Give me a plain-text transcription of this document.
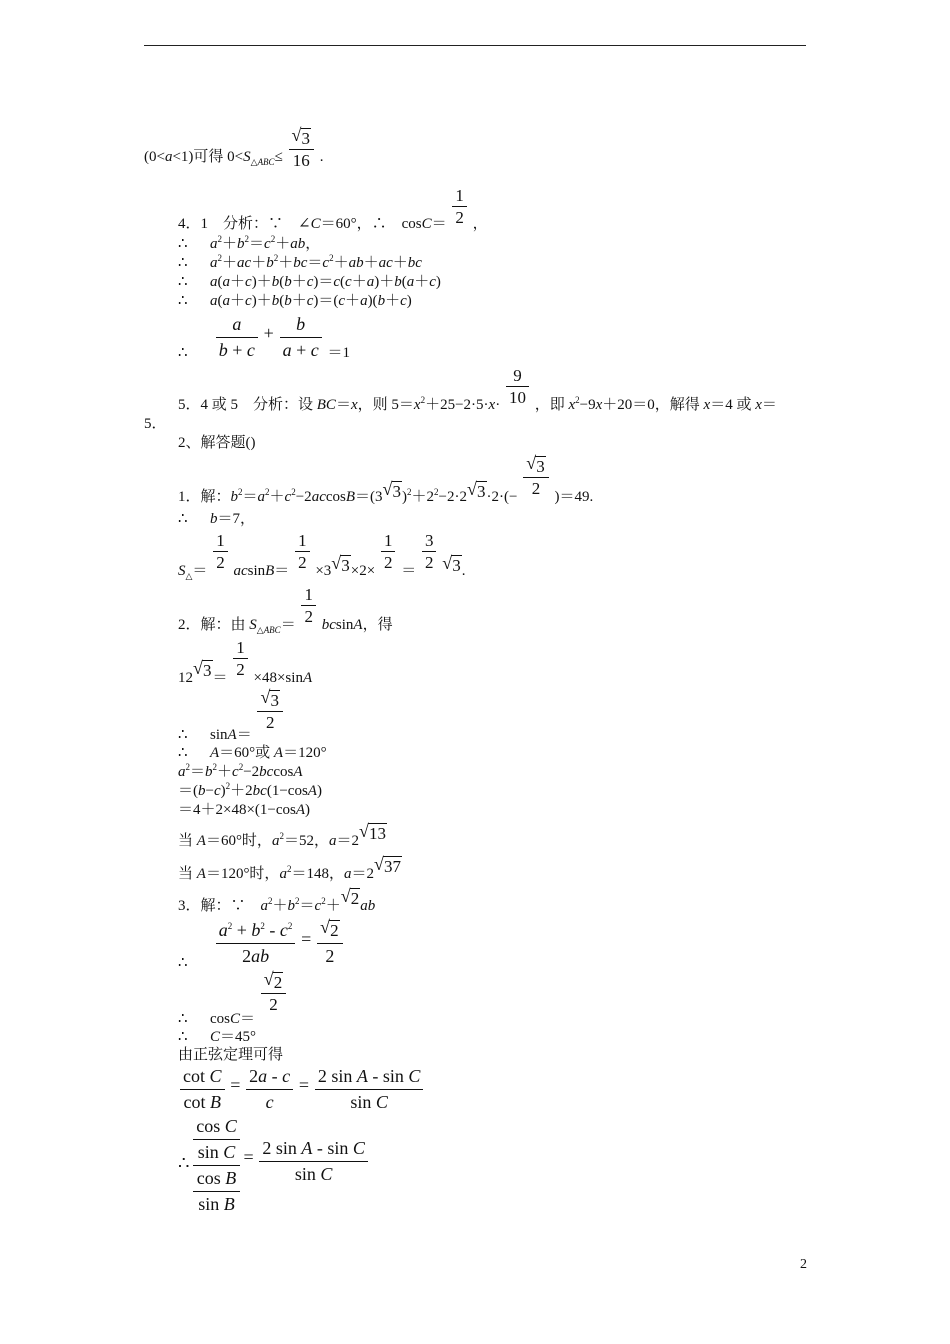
(0<a<1)可得 $0<S_{\triangle ABC}\le \frac{√ 3}{16}$ .
4．1　分析：∵　∠C＝60°，∴　$\cos C= \frac{1}{2}$ ，
∴ $a^2+b^2=c^2+ab$，
∴ $a^2+ac+b^2+bc=c^2+ab+ac+bc$
∴ a(a＋c)＋b(b＋c)＝c(c＋a)＋b(a＋c)
∴ a(a＋c)＋b(b＋c)＝(c＋a)(b＋c)
∴ $\frac{a}{b + c} + \frac{b}{a + c} =1$
5．4 或 5　分析：设 BC＝x，则 $5=x^2+25-2\cdot 5\cdot x\cdot \frac{9}{10}$ ，即 $x^2-9x+20=0$，解得 x＝4 或 x＝
5．
2、解答题()
1．解：$b^2=a^2+c^2-2accosB=(3$ √ $3)^2+2^2-2\cdot 2$ √ $3\cdot 2\cdot(- \frac{√ 3}{2} )=49$.
∴ b＝7，
$S_\triangle= \frac{1}{2} acsinB= \frac{1}{2} \times 3$ √ $3\times 2\times \frac{1}{2} = \frac{3}{2}$
√ 3.
2．解：由 $S_{\triangle ABC}= \frac{1}{2}$ bcsinA，得
12 √ $3= \frac{1}{2} \times 48\times\sin A$
∴ sinA＝
$\frac{√ 3}{2}$
∴ A＝60°或 A＝120°
$a^2=b^2+c^2-2bccosA$
$=(b-c)^2+2bc(1-\cos A)$
＝4＋2×48×(1−cosA)
当 A＝60°时，$a^2=52$，a＝2 √ 13
当 A＝120°时，$a^2=148$，a＝2 √ 37
3．解：∵　$a^2+b^2=c^2+$ √ 2ab
∴ $\frac{a^2 + b^2 - c^2}{2ab} = \frac{√ 2}{2}$
∴ cosC＝
$\frac{√ 2}{2}$
∴ C＝45°
由正弦定理可得
$\frac{\text{cot C}}{\text{cot B}} = \frac{2a - c}{c} = \frac{\text{2 sin A - sin C}}{\text{sin C}}$
∴
cos C
sin C
cos B
sin B
= $\frac{\text{2 sin A - sin C}}{\text{sin C}}$
2
